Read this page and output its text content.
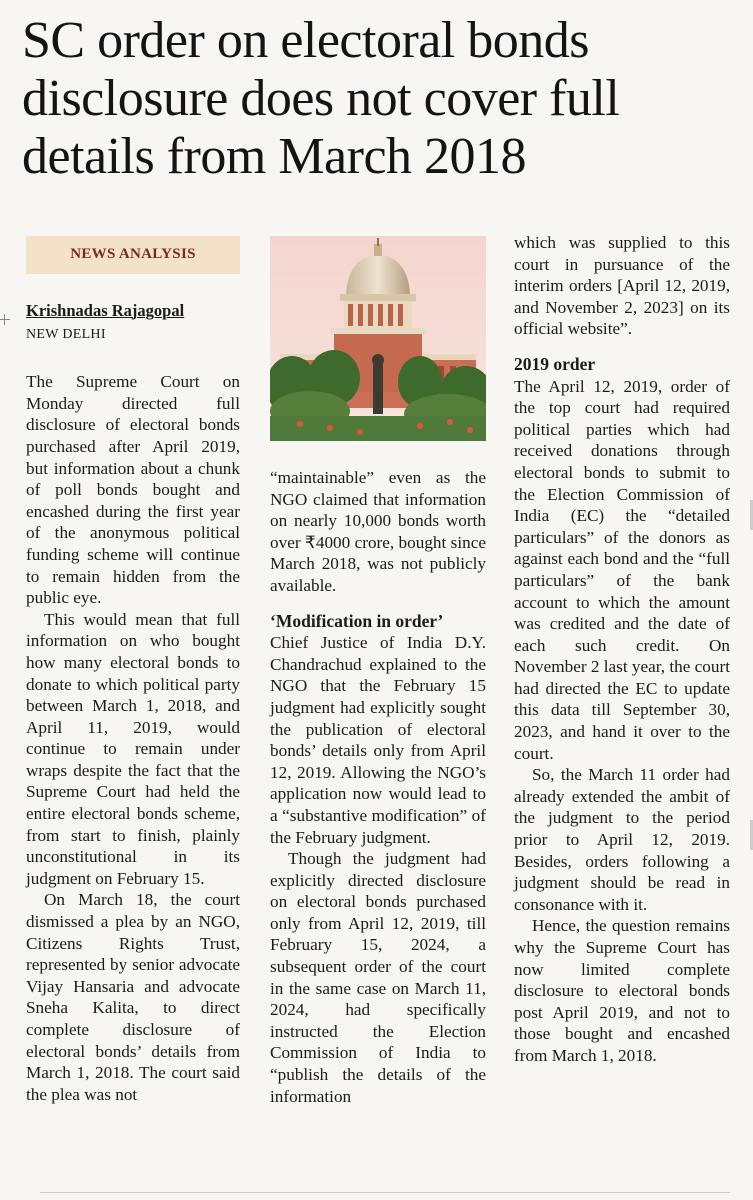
SC order on electoral bonds disclosure does not cover full details from March 2018
NEWS ANALYSIS
Krishnadas Rajagopal
NEW DELHI

The Supreme Court on Monday directed full disclosure of electoral bonds purchased after April 2019, but information about a chunk of poll bonds bought and encashed during the first year of the anonymous political funding scheme will continue to remain hidden from the public eye.

This would mean that full information on who bought how many electoral bonds to donate to which political party between March 1, 2018, and April 11, 2019, would continue to remain under wraps despite the fact that the Supreme Court had held the entire electoral bonds scheme, from start to finish, plainly unconstitutional in its judgment on February 15.

On March 18, the court dismissed a plea by an NGO, Citizens Rights Trust, represented by senior advocate Vijay Hansaria and advocate Sneha Kalita, to direct complete disclosure of electoral bonds’ details from March 1, 2018. The court said the plea was not

“maintainable” even as the NGO claimed that information on nearly 10,000 bonds worth over ₹4000 crore, bought since March 2018, was not publicly available.

‘Modification in order’

Chief Justice of India D.Y. Chandrachud explained to the NGO that the February 15 judgment had explicitly sought the publication of electoral bonds’ details only from April 12, 2019. Allowing the NGO’s application now would lead to a “substantive modification” of the February judgment.

Though the judgment had explicitly directed disclosure on electoral bonds purchased only from April 12, 2019, till February 15, 2024, a subsequent order of the court in the same case on March 11, 2024, had specifically instructed the Election Commission of India to “publish the details of the information

which was supplied to this court in pursuance of the interim orders [April 12, 2019, and November 2, 2023] on its official website”.

2019 order

The April 12, 2019, order of the top court had required political parties which had received donations through electoral bonds to submit to the Election Commission of India (EC) the “detailed particulars” of the donors as against each bond and the “full particulars” of the bank account to which the amount was credited and the date of each such credit. On November 2 last year, the court had directed the EC to update this data till September 30, 2023, and hand it over to the court.

So, the March 11 order had already extended the ambit of the judgment to the period prior to April 12, 2019. Besides, orders following a judgment should be read in consonance with it.

Hence, the question remains why the Supreme Court has now limited complete disclosure to electoral bonds post April 2019, and not to those bought and encashed from March 1, 2018.
